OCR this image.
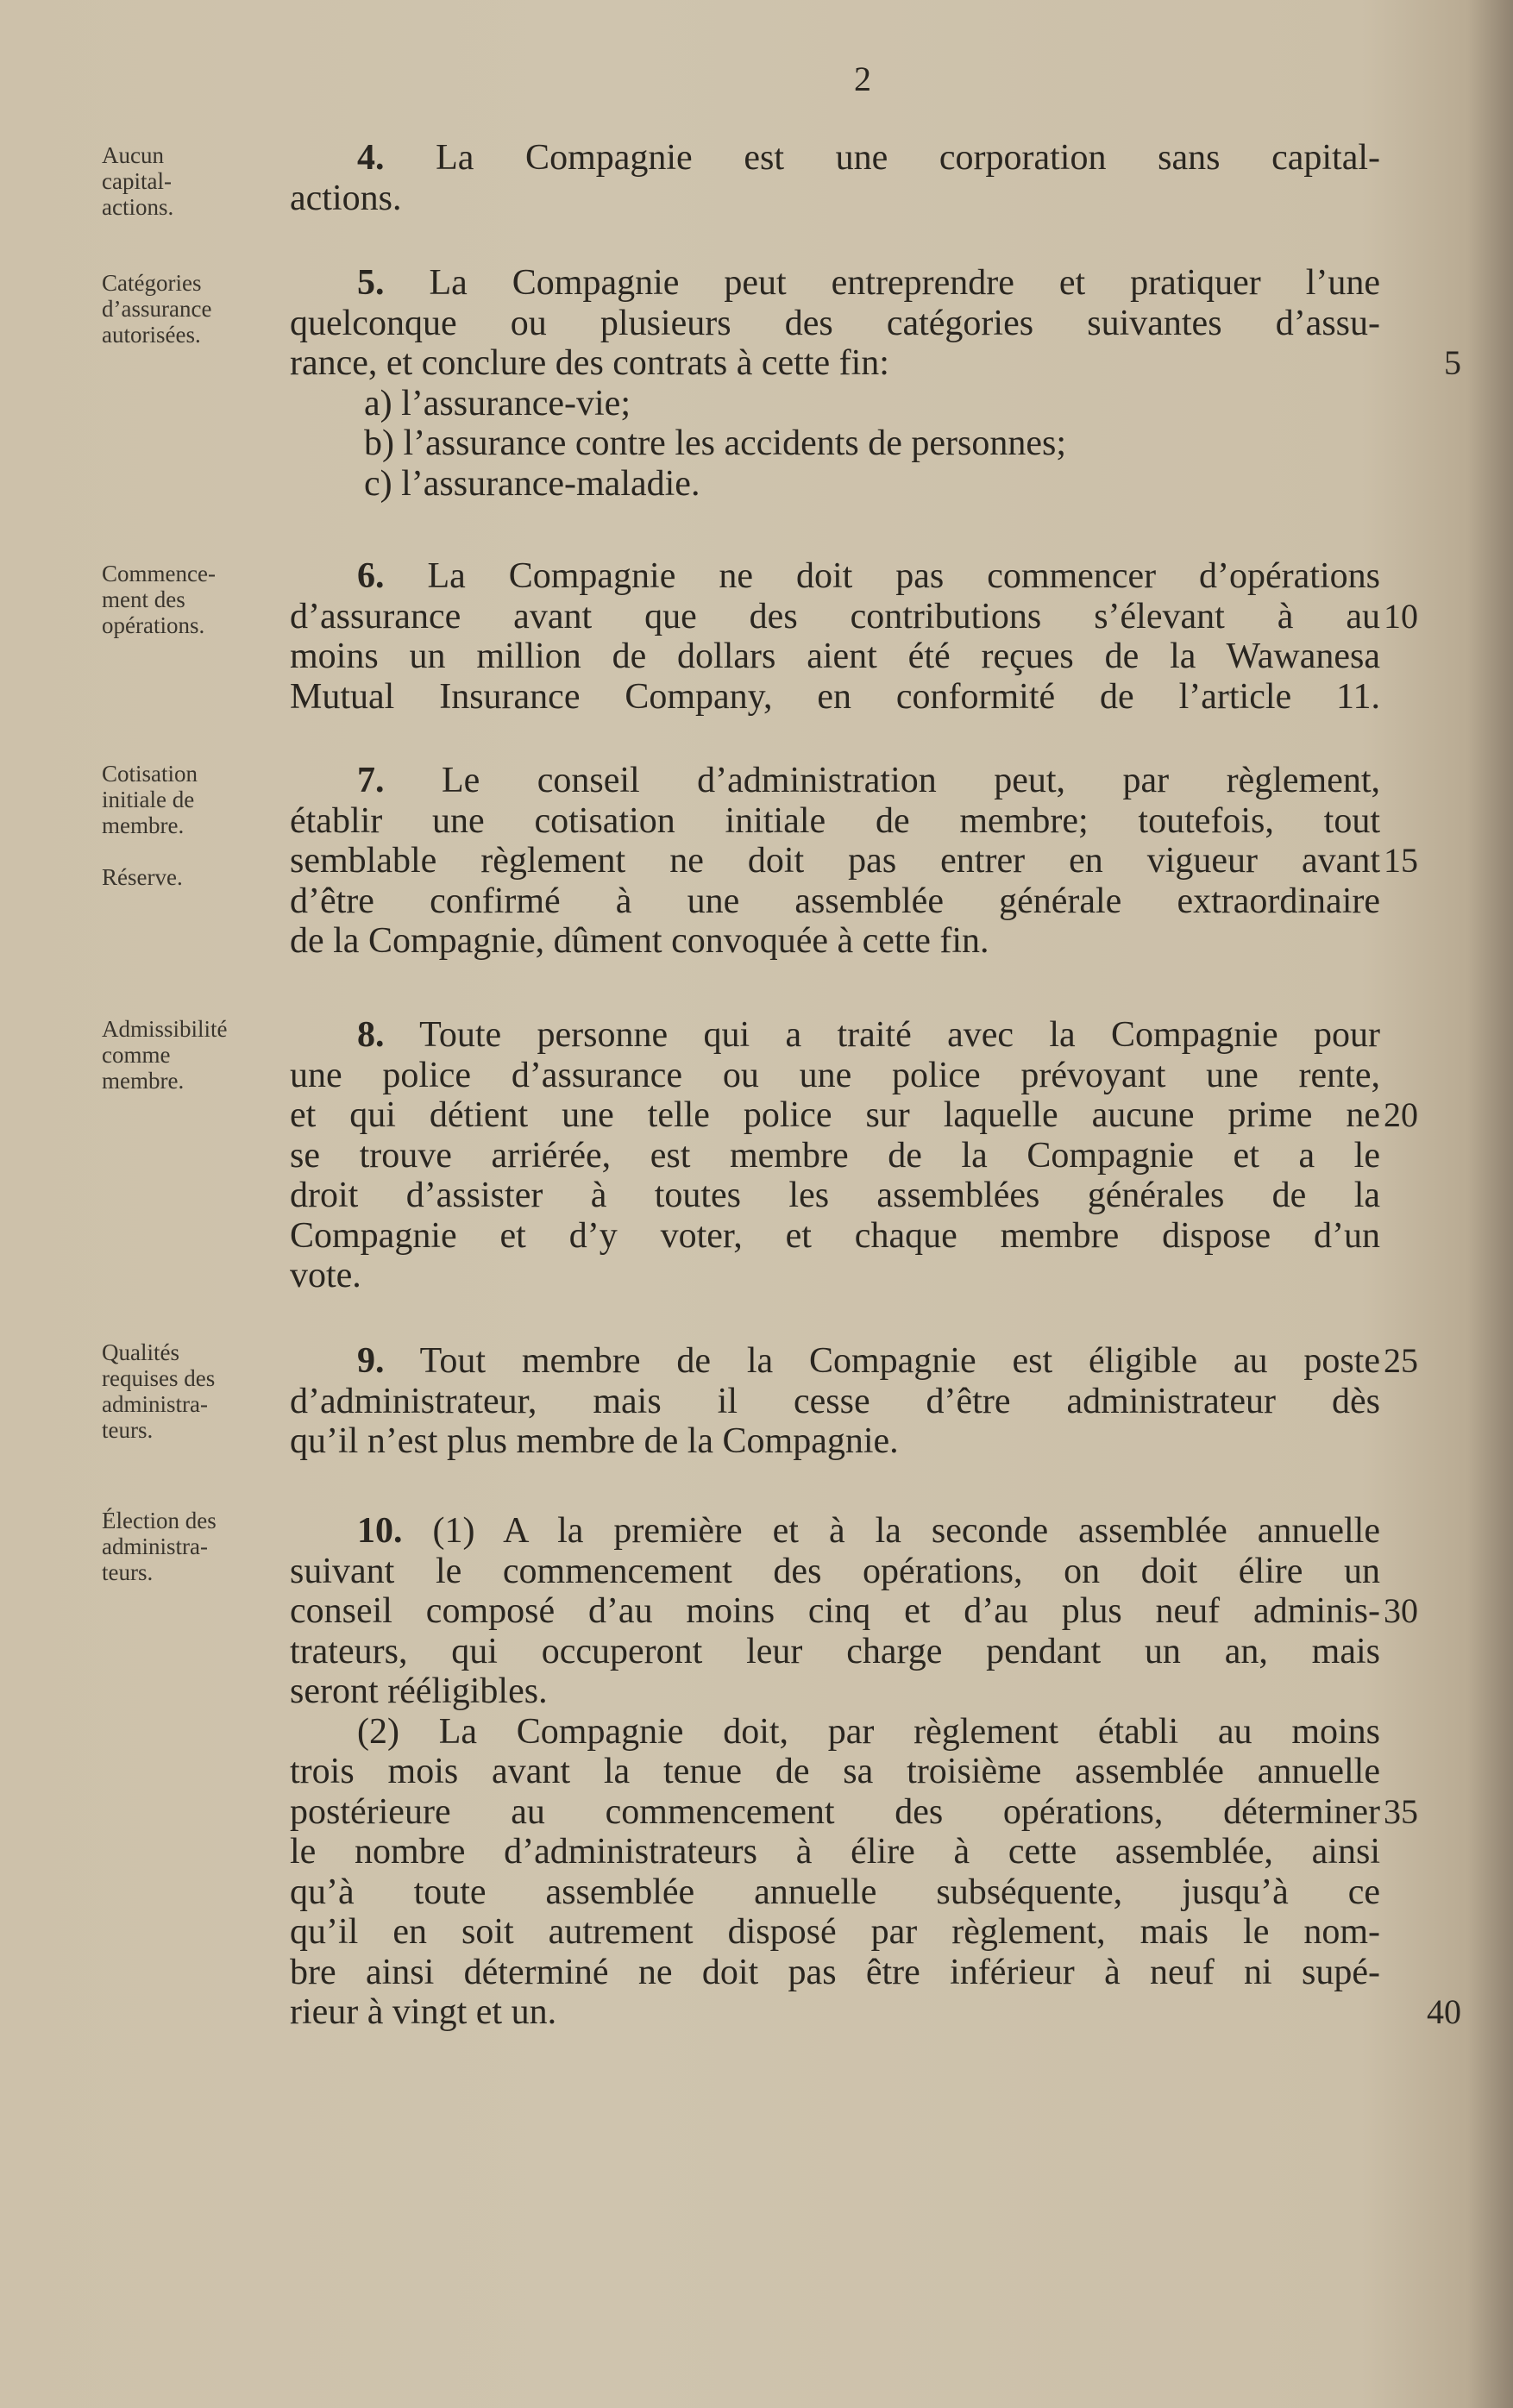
2
Aucun
capital-
actions.
4. La Compagnie est une corporation sans capital-
actions.
Catégories
d’assurance
autorisées.
5. La Compagnie peut entreprendre et pratiquer l’une
quelconque ou plusieurs des catégories suivantes d’assu-
rance, et conclure des contrats à cette fin:	5
a) l’assurance-vie;
b) l’assurance contre les accidents de personnes;
c) l’assurance-maladie.
Commence-
ment des
opérations.
6. La Compagnie ne doit pas commencer d’opérations
d’assurance avant que des contributions s’élevant à au 10
moins un million de dollars aient été reçues de la Wawanesa
Mutual Insurance Company, en conformité de l’article 11.
Cotisation
initiale de
membre.

Réserve.
7. Le conseil d’administration peut, par règlement,
établir une cotisation initiale de membre; toutefois, tout
semblable règlement ne doit pas entrer en vigueur avant 15
d’être confirmé à une assemblée générale extraordinaire
de la Compagnie, dûment convoquée à cette fin.
Admissibilité
comme
membre.
8. Toute personne qui a traité avec la Compagnie pour
une police d’assurance ou une police prévoyant une rente,
et qui détient une telle police sur laquelle aucune prime ne 20
se trouve arriérée, est membre de la Compagnie et a le
droit d’assister à toutes les assemblées générales de la
Compagnie et d’y voter, et chaque membre dispose d’un
vote.
Qualités
requises des
administra-
teurs.
9. Tout membre de la Compagnie est éligible au poste 25
d’administrateur, mais il cesse d’être administrateur dès
qu’il n’est plus membre de la Compagnie.
Élection des
administra-
teurs.
10. (1) A la première et à la seconde assemblée annuelle
suivant le commencement des opérations, on doit élire un
conseil composé d’au moins cinq et d’au plus neuf adminis- 30
trateurs, qui occuperont leur charge pendant un an, mais
seront rééligibles.
(2) La Compagnie doit, par règlement établi au moins
trois mois avant la tenue de sa troisième assemblée annuelle
postérieure au commencement des opérations, déterminer 35
le nombre d’administrateurs à élire à cette assemblée, ainsi
qu’à toute assemblée annuelle subséquente, jusqu’à ce
qu’il en soit autrement disposé par règlement, mais le nom-
bre ainsi déterminé ne doit pas être inférieur à neuf ni supé-
rieur à vingt et un.	40
